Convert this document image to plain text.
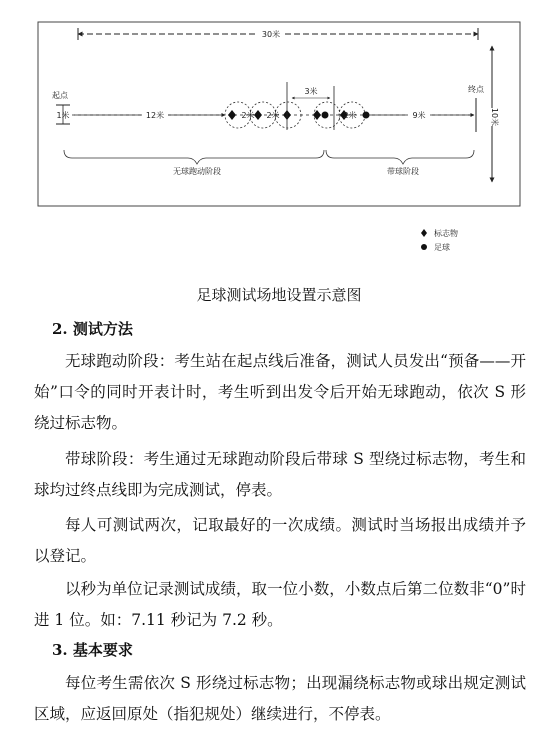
30米
10米
起点
1米
终点
12米	9米
2米 2米	2米
3米
无球跑动阶段	带球阶段
标志物
足球
足球测试场地设置示意图
2. 测试方法
无球跑动阶段：考生站在起点线后准备，测试人员发出“预备——开始”口令的同时开表计时，考生听到出发令后开始无球跑动，依次 S 形绕过标志物。
带球阶段：考生通过无球跑动阶段后带球 S 型绕过标志物，考生和球均过终点线即为完成测试，停表。
每人可测试两次，记取最好的一次成绩。测试时当场报出成绩并予以登记。
以秒为单位记录测试成绩，取一位小数，小数点后第二位数非“0”时进 1 位。如：7.11 秒记为 7.2 秒。
3. 基本要求
每位考生需依次 S 形绕过标志物；出现漏绕标志物或球出规定测试区域，应返回原处（指犯规处）继续进行，不停表。
